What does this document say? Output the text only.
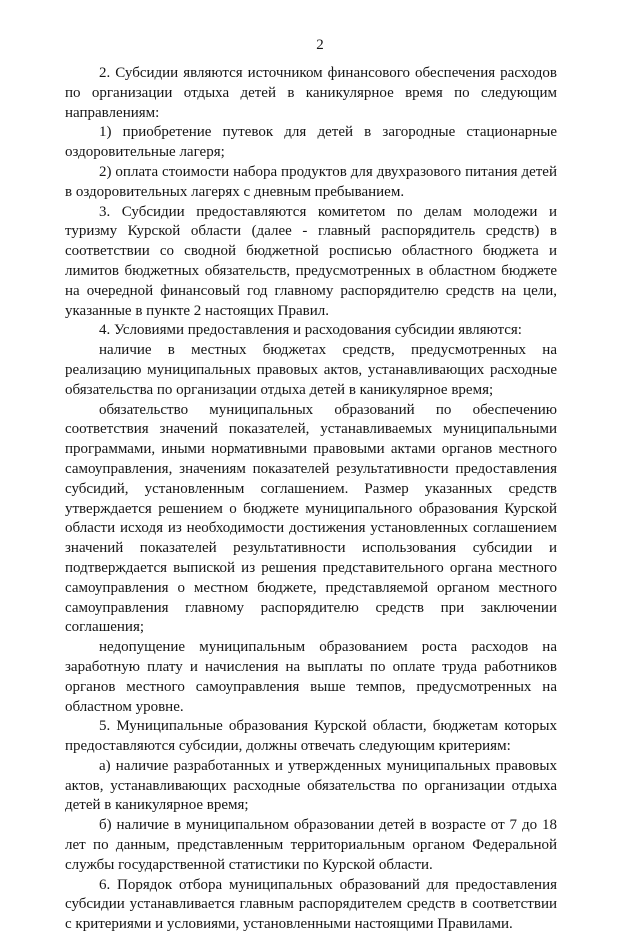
2

2. Субсидии являются источником финансового обеспечения расходов по организации отдыха детей в каникулярное время по следующим направлениям:

1) приобретение путевок для детей в загородные стационарные оздоровительные лагеря;

2) оплата стоимости набора продуктов для двухразового питания детей в оздоровительных лагерях с дневным пребыванием.

3. Субсидии предоставляются комитетом по делам молодежи и туризму Курской области (далее - главный распорядитель средств) в соответствии со сводной бюджетной росписью областного бюджета и лимитов бюджетных обязательств, предусмотренных в областном бюджете на очередной финансовый год главному распорядителю средств на цели, указанные в пункте 2 настоящих Правил.

4. Условиями предоставления и расходования субсидии являются:

наличие в местных бюджетах средств, предусмотренных на реализацию муниципальных правовых актов, устанавливающих расходные обязательства по организации отдыха детей в каникулярное время;

обязательство муниципальных образований по обеспечению соответствия значений показателей, устанавливаемых муниципальными программами, иными нормативными правовыми актами органов местного самоуправления, значениям показателей результативности предоставления субсидий, установленным соглашением. Размер указанных средств утверждается решением о бюджете муниципального образования Курской области исходя из необходимости достижения установленных соглашением значений показателей результативности использования субсидии и подтверждается выпиской из решения представительного органа местного самоуправления о местном бюджете, представляемой органом местного самоуправления главному распорядителю средств при заключении соглашения;

недопущение муниципальным образованием роста расходов на заработную плату и начисления на выплаты по оплате труда работников органов местного самоуправления выше темпов, предусмотренных на областном уровне.

5. Муниципальные образования Курской области, бюджетам которых предоставляются субсидии, должны отвечать следующим критериям:

а) наличие разработанных и утвержденных муниципальных правовых актов, устанавливающих расходные обязательства по организации отдыха детей в каникулярное время;

б) наличие в муниципальном образовании детей в возрасте от 7 до 18 лет по данным, представленным территориальным органом Федеральной службы государственной статистики по Курской области.

6. Порядок отбора муниципальных образований для предоставления субсидии устанавливается главным распорядителем средств в соответствии с критериями и условиями, установленными настоящими Правилами.
